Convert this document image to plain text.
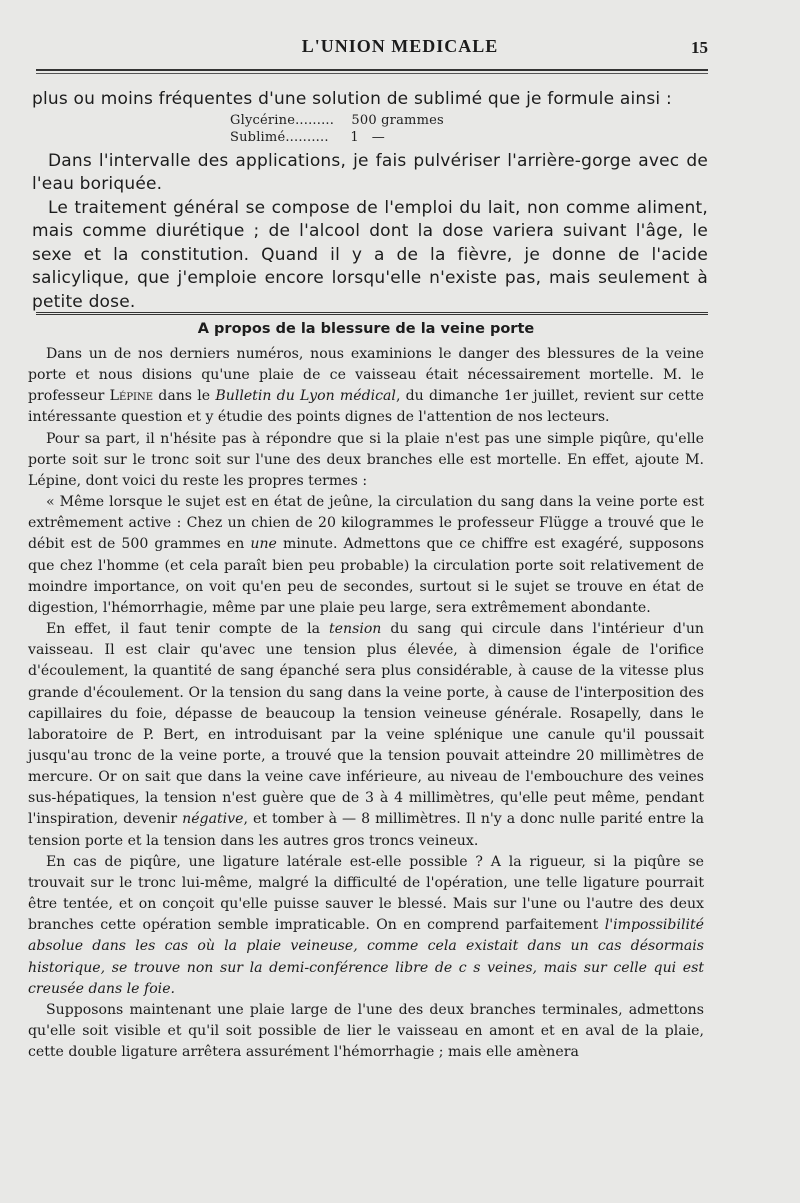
L'UNION MEDICALE	15

plus ou moins fréquentes d'une solution de sublimé que je formule ainsi :

Glycérine.........    500 grammes
Sublimé..........     1   —

Dans l'intervalle des applications, je fais pulvériser l'arrière-gorge avec de l'eau boriquée.

Le traitement général se compose de l'emploi du lait, non comme aliment, mais comme diurétique ; de l'alcool dont la dose variera suivant l'âge, le sexe et la constitution. Quand il y a de la fièvre, je donne de l'acide salicylique, que j'emploie encore lorsqu'elle n'existe pas, mais seulement à petite dose.

A propos de la blessure de la veine porte

Dans un de nos derniers numéros, nous examinions le danger des blessures de la veine porte et nous disions qu'une plaie de ce vaisseau était nécessairement mortelle. M. le professeur Lépine dans le Bulletin du Lyon médical, du dimanche 1er juillet, revient sur cette intéressante question et y étudie des points dignes de l'attention de nos lecteurs.

Pour sa part, il n'hésite pas à répondre que si la plaie n'est pas une simple piqûre, qu'elle porte soit sur le tronc soit sur l'une des deux branches elle est mortelle. En effet, ajoute M. Lépine, dont voici du reste les propres termes :

« Même lorsque le sujet est en état de jeûne, la circulation du sang dans la veine porte est extrêmement active : Chez un chien de 20 kilogrammes le professeur Flügge a trouvé que le débit est de 500 grammes en une minute. Admettons que ce chiffre est exagéré, supposons que chez l'homme (et cela paraît bien peu probable) la circulation porte soit relativement de moindre importance, on voit qu'en peu de secondes, surtout si le sujet se trouve en état de digestion, l'hémorrhagie, même par une plaie peu large, sera extrêmement abondante.

En effet, il faut tenir compte de la tension du sang qui circule dans l'intérieur d'un vaisseau. Il est clair qu'avec une tension plus élevée, à dimension égale de l'orifice d'écoulement, la quantité de sang épanché sera plus considérable, à cause de la vitesse plus grande d'écoulement. Or la tension du sang dans la veine porte, à cause de l'interposition des capillaires du foie, dépasse de beaucoup la tension veineuse générale. Rosapelly, dans le laboratoire de P. Bert, en introduisant par la veine splénique une canule qu'il poussait jusqu'au tronc de la veine porte, a trouvé que la tension pouvait atteindre 20 millimètres de mercure. Or on sait que dans la veine cave inférieure, au niveau de l'embouchure des veines sus-hépatiques, la tension n'est guère que de 3 à 4 millimètres, qu'elle peut même, pendant l'inspiration, devenir négative, et tomber à — 8 millimètres. Il n'y a donc nulle parité entre la tension porte et la tension dans les autres gros troncs veineux.

En cas de piqûre, une ligature latérale est-elle possible ? A la rigueur, si la piqûre se trouvait sur le tronc lui-même, malgré la difficulté de l'opération, une telle ligature pourrait être tentée, et on conçoit qu'elle puisse sauver le blessé. Mais sur l'une ou l'autre des deux branches cette opération semble impraticable. On en comprend parfaitement l'impossibilité absolue dans les cas où la plaie veineuse, comme cela existait dans un cas désormais historique, se trouve non sur la demi-conférence libre de c s veines, mais sur celle qui est creusée dans le foie.

Supposons maintenant une plaie large de l'une des deux branches terminales, admettons qu'elle soit visible et qu'il soit possible de lier le vaisseau en amont et en aval de la plaie, cette double ligature arrêtera assurément l'hémorrhagie ; mais elle amènera
